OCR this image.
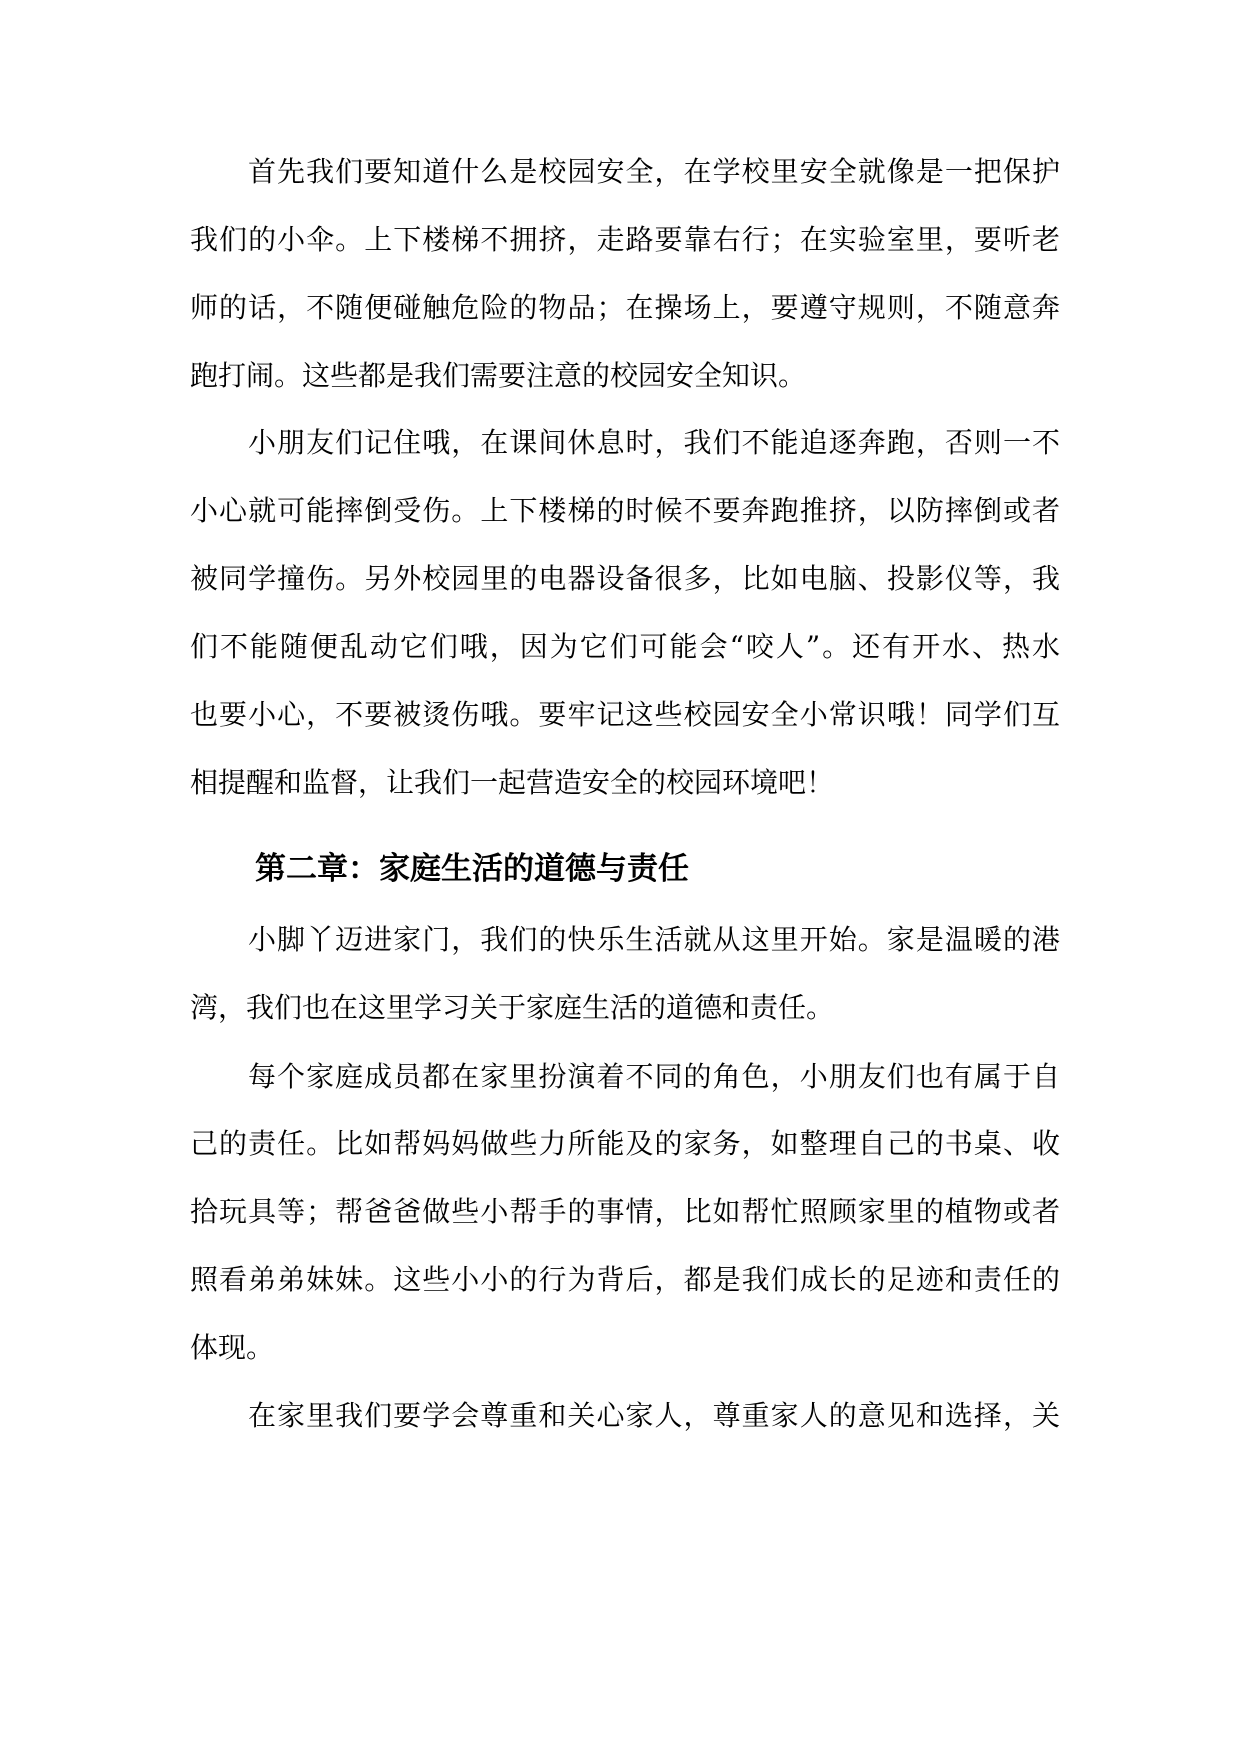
首先我们要知道什么是校园安全，在学校里安全就像是一把保护
我们的小伞。上下楼梯不拥挤，走路要靠右行；在实验室里，要听老
师的话，不随便碰触危险的物品；在操场上，要遵守规则，不随意奔
跑打闹。这些都是我们需要注意的校园安全知识。
小朋友们记住哦，在课间休息时，我们不能追逐奔跑，否则一不
小心就可能摔倒受伤。上下楼梯的时候不要奔跑推挤，以防摔倒或者
被同学撞伤。另外校园里的电器设备很多，比如电脑、投影仪等，我
们不能随便乱动它们哦，因为它们可能会“咬人”。还有开水、热水
也要小心，不要被烫伤哦。要牢记这些校园安全小常识哦！同学们互
相提醒和监督，让我们一起营造安全的校园环境吧！
第二章：家庭生活的道德与责任
小脚丫迈进家门，我们的快乐生活就从这里开始。家是温暖的港
湾，我们也在这里学习关于家庭生活的道德和责任。
每个家庭成员都在家里扮演着不同的角色，小朋友们也有属于自
己的责任。比如帮妈妈做些力所能及的家务，如整理自己的书桌、收
拾玩具等；帮爸爸做些小帮手的事情，比如帮忙照顾家里的植物或者
照看弟弟妹妹。这些小小的行为背后，都是我们成长的足迹和责任的
体现。
在家里我们要学会尊重和关心家人，尊重家人的意见和选择，关
